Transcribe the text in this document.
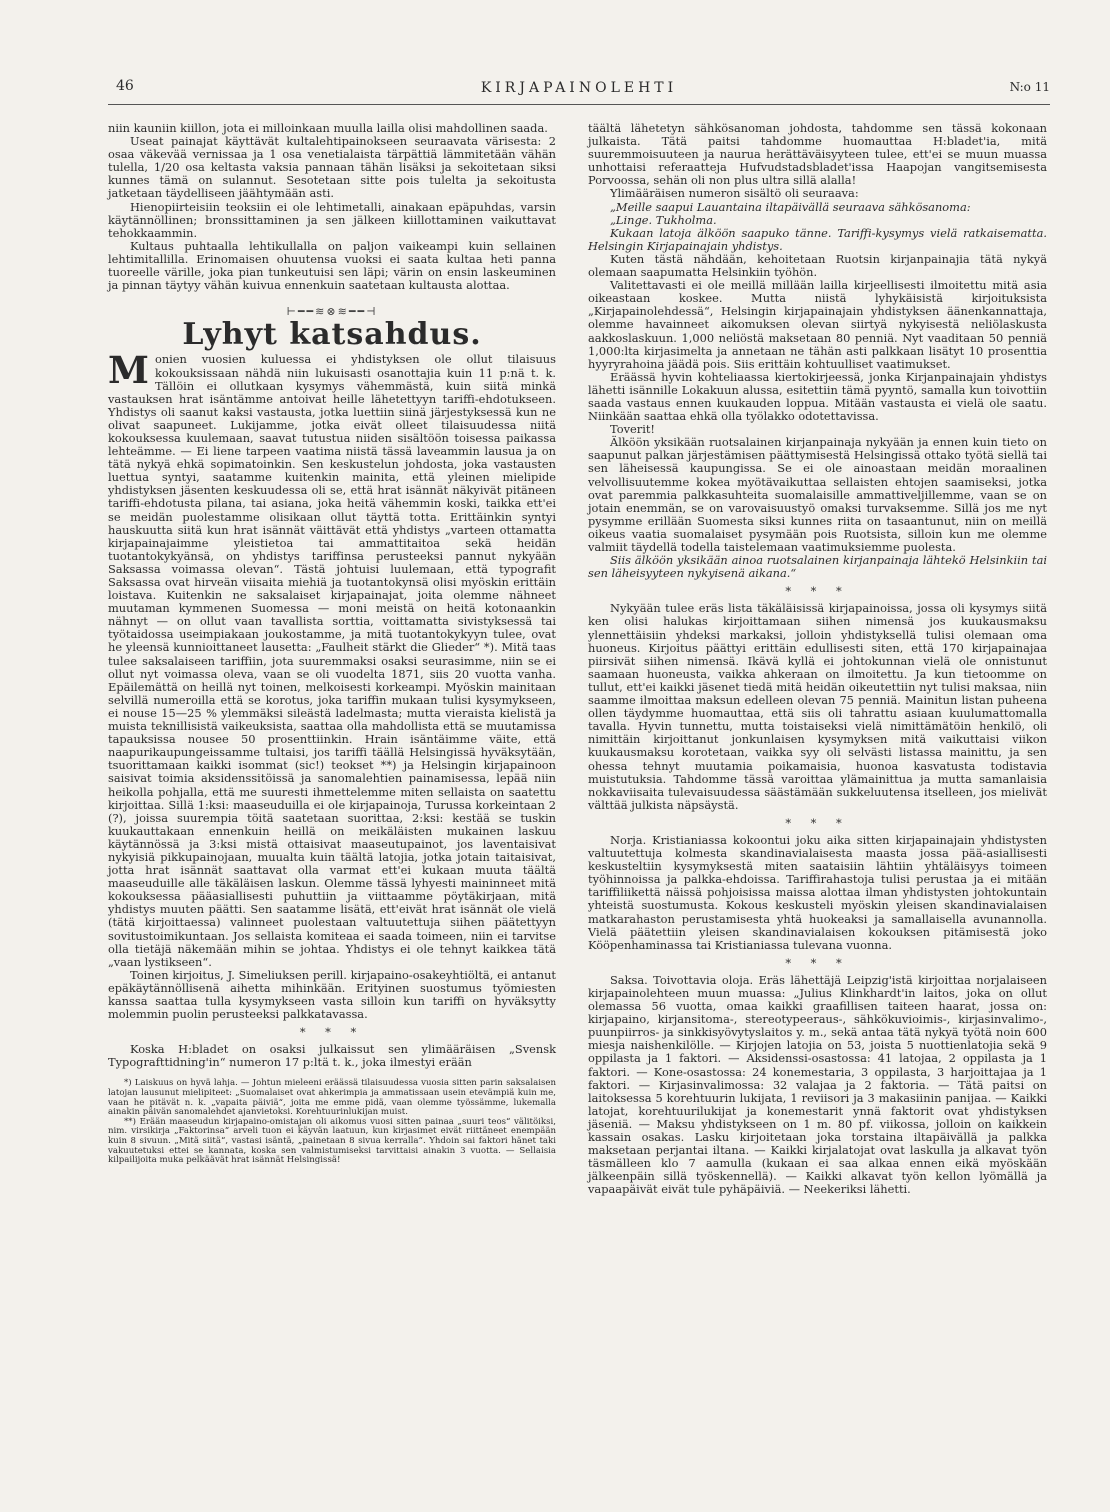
46	KIRJAPAINOLEHTI	N:o 11

niin kauniin kiillon, jota ei milloinkaan muulla lailla olisi mahdollinen saada.

Useat painajat käyttävät kultalehtipainokseen seuraavata värisesta: 2 osaa väkevää vernissaa ja 1 osa venetialaista tärpättiä lämmitetään vähän tulella, 1/20 osa keltasta vaksia pannaan tähän lisäksi ja sekoitetaan siksi kunnes tämä on sulannut. Sesotetaan sitte pois tulelta ja sekoitusta jatketaan täydelliseen jäähtymään asti.

Hienopiirteisiin teoksiin ei ole lehtimetalli, ainakaan epäpuhdas, varsin käytännöllinen; bronssittaminen ja sen jälkeen kiillottaminen vaikuttavat tehokkaammin.

Kultaus puhtaalla lehtikullalla on paljon vaikeampi kuin sellainen lehtimitallilla. Erinomaisen ohuutensa vuoksi ei saata kultaa heti panna tuoreelle värille, joka pian tunkeutuisi sen läpi; värin on ensin laskeuminen ja pinnan täytyy vähän kuivua ennenkuin saatetaan kultausta alottaa.

⊢━━≋⊗≋━━⊣
Lyhyt katsahdus.

M onien vuosien kuluessa ei yhdistyksen ole ollut tilaisuus kokouksissaan nähdä niin lukuisasti osanottajia kuin 11 p:nä t. k. Tällöin ei ollutkaan kysymys vähemmästä, kuin siitä minkä vastauksen hrat isäntämme antoivat heille lähetettyyn tariffi-ehdotukseen. Yhdistys oli saanut kaksi vastausta, jotka luettiin siinä järjestyksessä kun ne olivat saapuneet. Lukijamme, jotka eivät olleet tilaisuudessa niitä kokouksessa kuulemaan, saavat tutustua niiden sisältöön toisessa paikassa lehteämme. — Ei liene tarpeen vaatima niistä tässä laveammin lausua ja on tätä nykyä ehkä sopimatoinkin. Sen keskustelun johdosta, joka vastausten luettua syntyi, saatamme kuitenkin mainita, että yleinen mielipide yhdistyksen jäsenten keskuudessa oli se, että hrat isännät näkyivät pitäneen tariffi-ehdotusta pilana, tai asiana, joka heitä vähemmin koski, taikka ett'ei se meidän puolestamme olisikaan ollut täyttä totta. Erittäinkin syntyi hauskuutta siitä kun hrat isännät väittävät että yhdistys „varteen ottamatta kirjapainajaimme yleistietoa tai ammattitaitoa sekä heidän tuotantokykyänsä, on yhdistys tariffinsa perusteeksi pannut nykyään Saksassa voimassa olevan“. Tästä johtuisi luulemaan, että typografit Saksassa ovat hirveän viisaita miehiä ja tuotantokynsä olisi myöskin erittäin loistava. Kuitenkin ne saksalaiset kirjapainajat, joita olemme nähneet muutaman kymmenen Suomessa — moni meistä on heitä kotonaankin nähnyt — on ollut vaan tavallista sorttia, voittamatta sivistyksessä tai työtaidossa useimpiakaan joukostamme, ja mitä tuotantokykyyn tulee, ovat he yleensä kunnioittaneet lausetta: „Faulheit stärkt die Glieder“ *). Mitä taas tulee saksalaiseen tariffiin, jota suuremmaksi osaksi seurasimme, niin se ei ollut nyt voimassa oleva, vaan se oli vuodelta 1871, siis 20 vuotta vanha. Epäilemättä on heillä nyt toinen, melkoisesti korkeampi. Myöskin mainitaan selvillä numeroilla että se korotus, joka tariffin mukaan tulisi kysymykseen, ei nouse 15—25 % ylemmäksi sileästä ladelmasta; mutta vieraista kielistä ja muista teknillisistä vaikeuksista, saattaa olla mahdollista että se muutamissa tapauksissa nousee 50 prosenttiinkin. Hrain isäntäimme väite, että naapurikaupungeissamme tultaisi, jos tariffi täällä Helsingissä hyväksytään, tsuorittamaan kaikki isommat (sic!) teokset **) ja Helsingin kirjapainoon saisivat toimia aksidenssitöissä ja sanomalehtien painamisessa, lepää niin heikolla pohjalla, että me suuresti ihmettelemme miten sellaista on saatettu kirjoittaa. Sillä 1:ksi: maaseuduilla ei ole kirjapainoja, Turussa korkeintaan 2 (?), joissa suurempia töitä saatetaan suorittaa, 2:ksi: kestää se tuskin kuukauttakaan ennenkuin heillä on meikäläisten mukainen laskuu käytännössä ja 3:ksi mistä ottaisivat maaseutupainot, jos laventaisivat nykyisiä pikkupainojaan, muualta kuin täältä latojia, jotka jotain taitaisivat, jotta hrat isännät saattavat olla varmat ett'ei kukaan muuta täältä maaseuduille alle täkäläisen laskun. Olemme tässä lyhyesti maininneet mitä kokouksessa pääasiallisesti puhuttiin ja viittaamme pöytäkirjaan, mitä yhdistys muuten päätti. Sen saatamme lisätä, ett'eivät hrat isännät ole vielä (tätä kirjoittaessa) valinneet puolestaan valtuutettuja siihen päätettyyn sovitustoimikuntaan. Jos sellaista komiteaa ei saada toimeen, niin ei tarvitse olla tietäjä näkemään mihin se johtaa. Yhdistys ei ole tehnyt kaikkea tätä „vaan lystikseen“.

Toinen kirjoitus, J. Simeliuksen perill. kirjapaino-osakeyhtiöltä, ei antanut epäkäytännöllisenä aihetta mihinkään. Erityinen suostumus työmiesten kanssa saattaa tulla kysymykseen vasta silloin kun tariffi on hyväksytty molemmin puolin perusteeksi palkkatavassa.

* * *

Koska H:bladet on osaksi julkaissut sen ylimääräisen „Svensk Typografttidning'in“ numeron 17 p:ltä t. k., joka ilmestyi erään

*) Laiskuus on hyvä lahja. — Johtun mieleeni eräässä tilaisuudessa vuosia sitten parin saksalaisen latojan lausunut mielipiteet: „Suomalaiset ovat ahkerimpia ja ammatissaan usein etevämpiä kuin me, vaan he pitävät n. k. „vapaita päiviä“, joita me emme pidä, vaan olemme työssämme, lukemalla ainakin päivän sanomalehdet ajanvietoksi. Korehtuurinlukijan muist.

**) Erään maaseudun kirjapaino-omistajan oli aikomus vuosi sitten painaa „suuri teos“ välitöiksi, nim. virsikirja „Faktorinsa“ arveli tuon ei käyvän laatuun, kun kirjasimet eivät riittäneet enempään kuin 8 sivuun. „Mitä siitä“, vastasi isäntä, „painetaan 8 sivua kerralla“. Yhdoin sai faktori hänet taki vakuutetuksi ettei se kannata, koska sen valmistumiseksi tarvittaisi ainakin 3 vuotta. — Sellaisia kilpailijoita muka pelkäävät hrat isännät Helsingissä!

täältä lähetetyn sähkösanoman johdosta, tahdomme sen tässä kokonaan julkaista. Tätä paitsi tahdomme huomauttaa H:bladet'ia, mitä suuremmoisuuteen ja naurua herättäväisyyteen tulee, ett'ei se muun muassa unhottaisi referaatteja Hufvudstadsbladet'issa Haapojan vangitsemisesta Porvoossa, sehän oli non plus ultra sillä alalla!

Ylimääräisen numeron sisältö oli seuraava:

„Meille saapui Lauantaina iltapäivällä seuraava sähkösanoma:

„Linge. Tukholma.

Kukaan latoja älköön saapuko tänne. Tariffi-kysymys vielä ratkaisematta. Helsingin Kirjapainajain yhdistys.

Kuten tästä nähdään, kehoitetaan Ruotsin kirjanpainajia tätä nykyä olemaan saapumatta Helsinkiin työhön.

Valitettavasti ei ole meillä millään lailla kirjeellisesti ilmoitettu mitä asia oikeastaan koskee. Mutta niistä lyhykäisistä kirjoituksista „Kirjapainolehdessä“, Helsingin kirjapainajain yhdistyksen äänenkannattaja, olemme havainneet aikomuksen olevan siirtyä nykyisestä neliölaskusta aakkoslaskuun. 1,000 neliöstä maksetaan 80 penniä. Nyt vaaditaan 50 penniä 1,000:lta kirjasimelta ja annetaan ne tähän asti palkkaan lisätyt 10 prosenttia hyyryrahoina jäädä pois. Siis erittäin kohtuulliset vaatimukset.

Eräässä hyvin kohteliaassa kiertokirjeessä, jonka Kirjanpainajain yhdistys lähetti isännille Lokakuun alussa, esitettiin tämä pyyntö, samalla kun toivottiin saada vastaus ennen kuukauden loppua. Mitään vastausta ei vielä ole saatu. Niinkään saattaa ehkä olla työlakko odotettavissa.

Toverit!

Älköön yksikään ruotsalainen kirjanpainaja nykyään ja ennen kuin tieto on saapunut palkan järjestämisen päättymisestä Helsingissä ottako työtä siellä tai sen läheisessä kaupungissa. Se ei ole ainoastaan meidän moraalinen velvollisuutemme kokea myötävaikuttaa sellaisten ehtojen saamiseksi, jotka ovat paremmia palkkasuhteita suomalaisille ammattiveljillemme, vaan se on jotain enemmän, se on varovaisuustyö omaksi turvaksemme. Sillä jos me nyt pysymme erillään Suomesta siksi kunnes riita on tasaantunut, niin on meillä oikeus vaatia suomalaiset pysymään pois Ruotsista, silloin kun me olemme valmiit täydellä todella taistelemaan vaatimuksiemme puolesta.

Siis älköön yksikään ainoa ruotsalainen kirjanpainaja lähtekö Helsinkiin tai sen läheisyyteen nykyisenä aikana.“

* * *

Nykyään tulee eräs lista täkäläisissä kirjapainoissa, jossa oli kysymys siitä ken olisi halukas kirjoittamaan siihen nimensä jos kuukausmaksu ylennettäisiin yhdeksi markaksi, jolloin yhdistyksellä tulisi olemaan oma huoneus. Kirjoitus päättyi erittäin edullisesti siten, että 170 kirjapainajaa piirsivät siihen nimensä. Ikävä kyllä ei johtokunnan vielä ole onnistunut saamaan huoneusta, vaikka ahkeraan on ilmoitettu. Ja kun tietoomme on tullut, ett'ei kaikki jäsenet tiedä mitä heidän oikeutettiin nyt tulisi maksaa, niin saamme ilmoittaa maksun edelleen olevan 75 penniä. Mainitun listan puheena ollen täydymme huomauttaa, että siis oli tahrattu asiaan kuulumattomalla tavalla. Hyvin tunnettu, mutta toistaiseksi vielä nimittämätöin henkilö, oli nimittäin kirjoittanut jonkunlaisen kysymyksen mitä vaikuttaisi viikon kuukausmaksu korotetaan, vaikka syy oli selvästi listassa mainittu, ja sen ohessa tehnyt muutamia poikamaisia, huonoa kasvatusta todistavia muistutuksia. Tahdomme tässä varoittaa ylämainittua ja mutta samanlaisia nokkaviisaita tulevaisuudessa säästämään sukkeluutensa itselleen, jos mielivät välttää julkista näpsäystä.

* * *

Norja. Kristianiassa kokoontui joku aika sitten kirjapainajain yhdistysten valtuutettuja kolmesta skandinavialaisesta maasta jossa pää-asiallisesti keskusteltiin kysymyksestä miten saataisiin lähtiin yhtäläisyys toimeen työhinnoissa ja palkka-ehdoissa. Tariffirahastoja tulisi perustaa ja ei mitään tariffiliikettä näissä pohjoisissa maissa alottaa ilman yhdistysten johtokuntain yhteistä suostumusta. Kokous keskusteli myöskin yleisen skandinavialaisen matkarahaston perustamisesta yhtä huokeaksi ja samallaisella avunannolla. Vielä päätettiin yleisen skandinavialaisen kokouksen pitämisestä joko Kööpenhaminassa tai Kristianiassa tulevana vuonna.

* * *

Saksa. Toivottavia oloja. Eräs lähettäjä Leipzig'istä kirjoittaa norjalaiseen kirjapainolehteen muun muassa: „Julius Klinkhardt'in laitos, joka on ollut olemassa 56 vuotta, omaa kaikki graafillisen taiteen haarat, jossa on: kirjapaino, kirjansitoma-, stereotypeeraus-, sähkökuvioimis-, kirjasinvalimo-, puunpiirros- ja sinkkisyövytyslaitos y. m., sekä antaa tätä nykyä työtä noin 600 miesja naishenkilölle. — Kirjojen latojia on 53, joista 5 nuottienlatojia sekä 9 oppilasta ja 1 faktori. — Aksidenssi-osastossa: 41 latojaa, 2 oppilasta ja 1 faktori. — Kone-osastossa: 24 konemestaria, 3 oppilasta, 3 harjoittajaa ja 1 faktori. — Kirjasinvalimossa: 32 valajaa ja 2 faktoria. — Tätä paitsi on laitoksessa 5 korehtuurin lukijata, 1 reviisori ja 3 makasiinin panijaa. — Kaikki latojat, korehtuurilukijat ja konemestarit ynnä faktorit ovat yhdistyksen jäseniä. — Maksu yhdistykseen on 1 m. 80 pf. viikossa, jolloin on kaikkein kassain osakas. Lasku kirjoitetaan joka torstaina iltapäivällä ja palkka maksetaan perjantai iltana. — Kaikki kirjalatojat ovat laskulla ja alkavat työn täsmälleen klo 7 aamulla (kukaan ei saa alkaa ennen eikä myöskään jälkeenpäin sillä työskennellä). — Kaikki alkavat työn kellon lyömällä ja vapaapäivät eivät tule pyhäpäiviä. — Neekeriksi lähetti.
